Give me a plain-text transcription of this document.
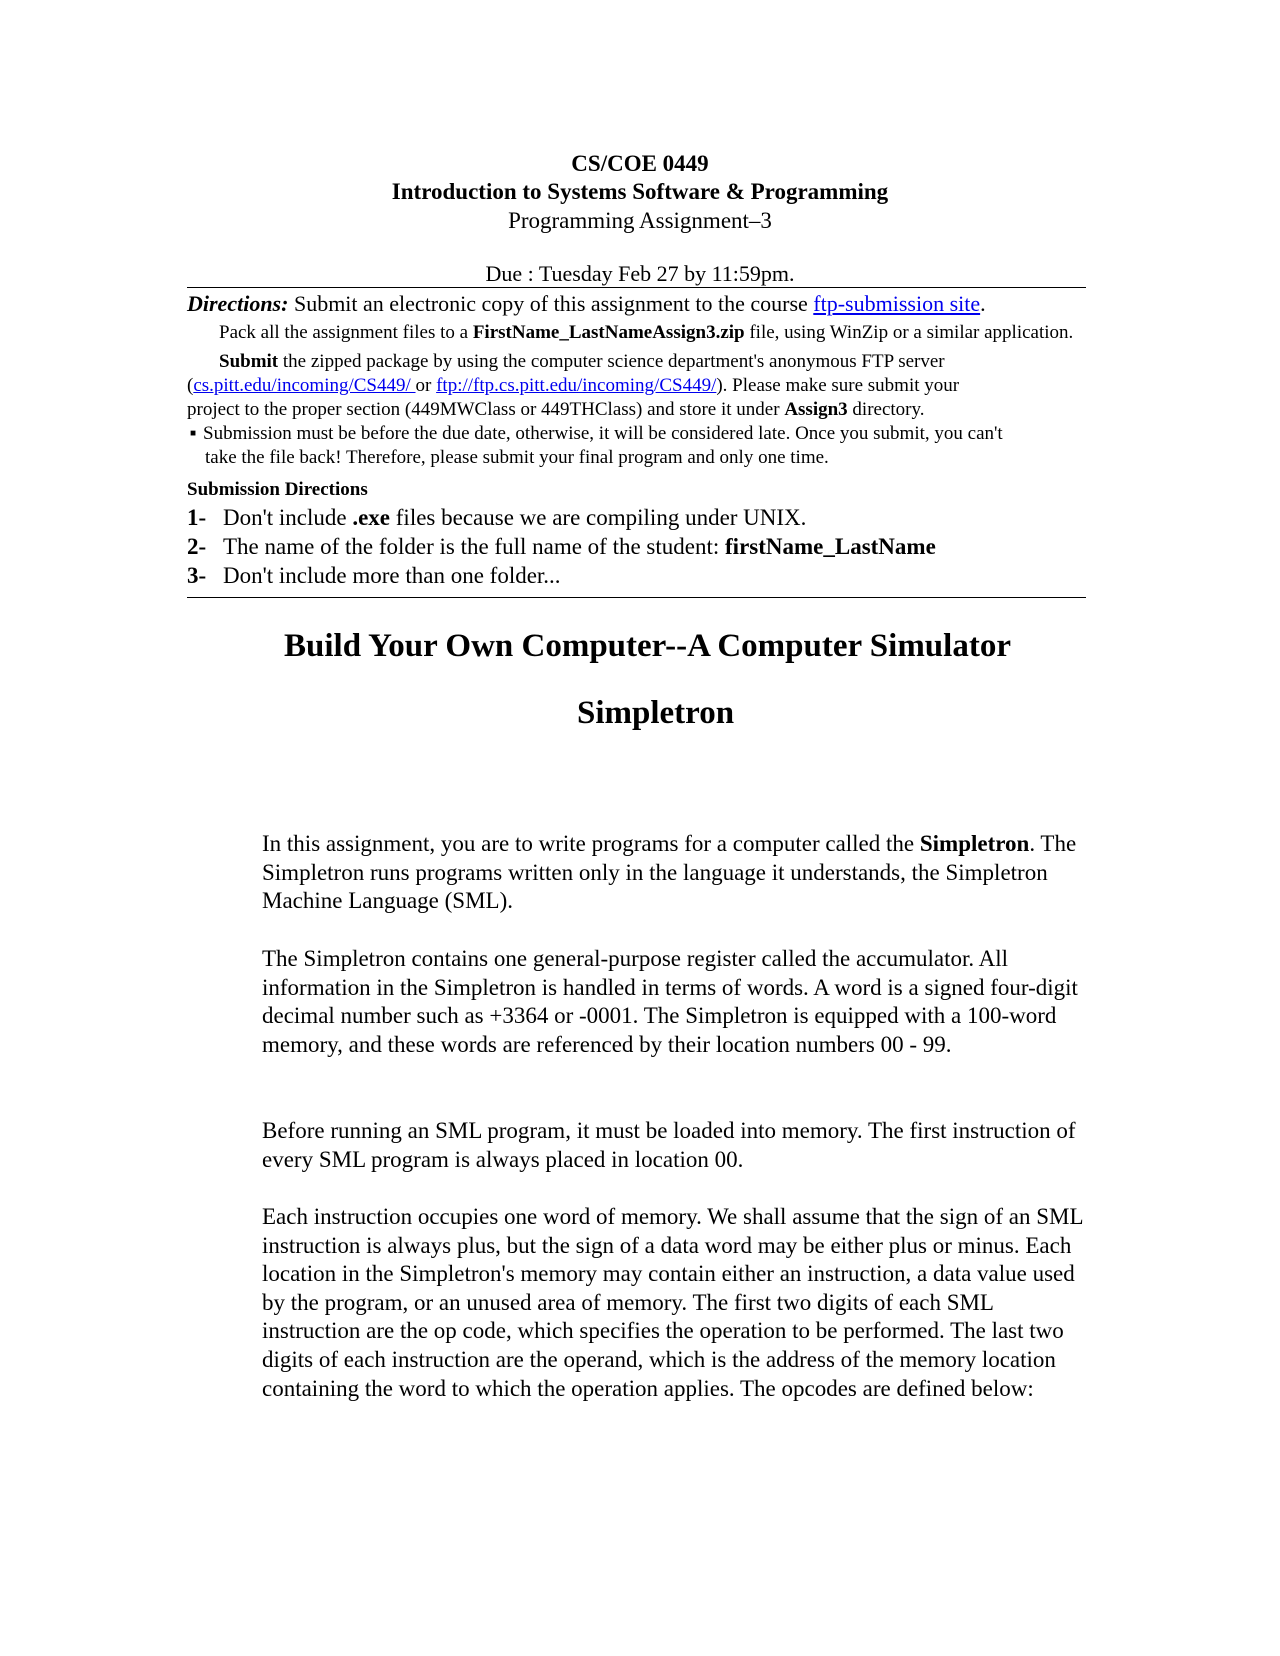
CS/COE 0449
Introduction to Systems Software & Programming
Programming Assignment–3
Due : Tuesday Feb 27 by 11:59pm.
Directions: Submit an electronic copy of this assignment to the course ftp-submission site.
Pack all the assignment files to a FirstName_LastNameAssign3.zip file, using WinZip or a similar application.
Submit the zipped package by using the computer science department's anonymous FTP server
(cs.pitt.edu/incoming/CS449/ or ftp://ftp.cs.pitt.edu/incoming/CS449/). Please make sure submit your
project to the proper section (449MWClass or 449THClass) and store it under Assign3 directory.
■ Submission must be before the due date, otherwise, it will be considered late. Once you submit, you can't
take the file back! Therefore, please submit your final program and only one time.
Submission Directions
1- Don't include .exe files because we are compiling under UNIX.
2- The name of the folder is the full name of the student: firstName_LastName
3- Don't include more than one folder...
Build Your Own Computer--A Computer Simulator
Simpletron

In this assignment, you are to write programs for a computer called the Simpletron. The Simpletron runs programs written only in the language it understands, the Simpletron Machine Language (SML).

The Simpletron contains one general-purpose register called the accumulator. All information in the Simpletron is handled in terms of words. A word is a signed four-digit decimal number such as +3364 or -0001. The Simpletron is equipped with a 100-word memory, and these words are referenced by their location numbers 00 - 99.

Before running an SML program, it must be loaded into memory. The first instruction of every SML program is always placed in location 00.

Each instruction occupies one word of memory. We shall assume that the sign of an SML instruction is always plus, but the sign of a data word may be either plus or minus. Each location in the Simpletron's memory may contain either an instruction, a data value used by the program, or an unused area of memory. The first two digits of each SML instruction are the op code, which specifies the operation to be performed. The last two digits of each instruction are the operand, which is the address of the memory location containing the word to which the operation applies. The opcodes are defined below:
